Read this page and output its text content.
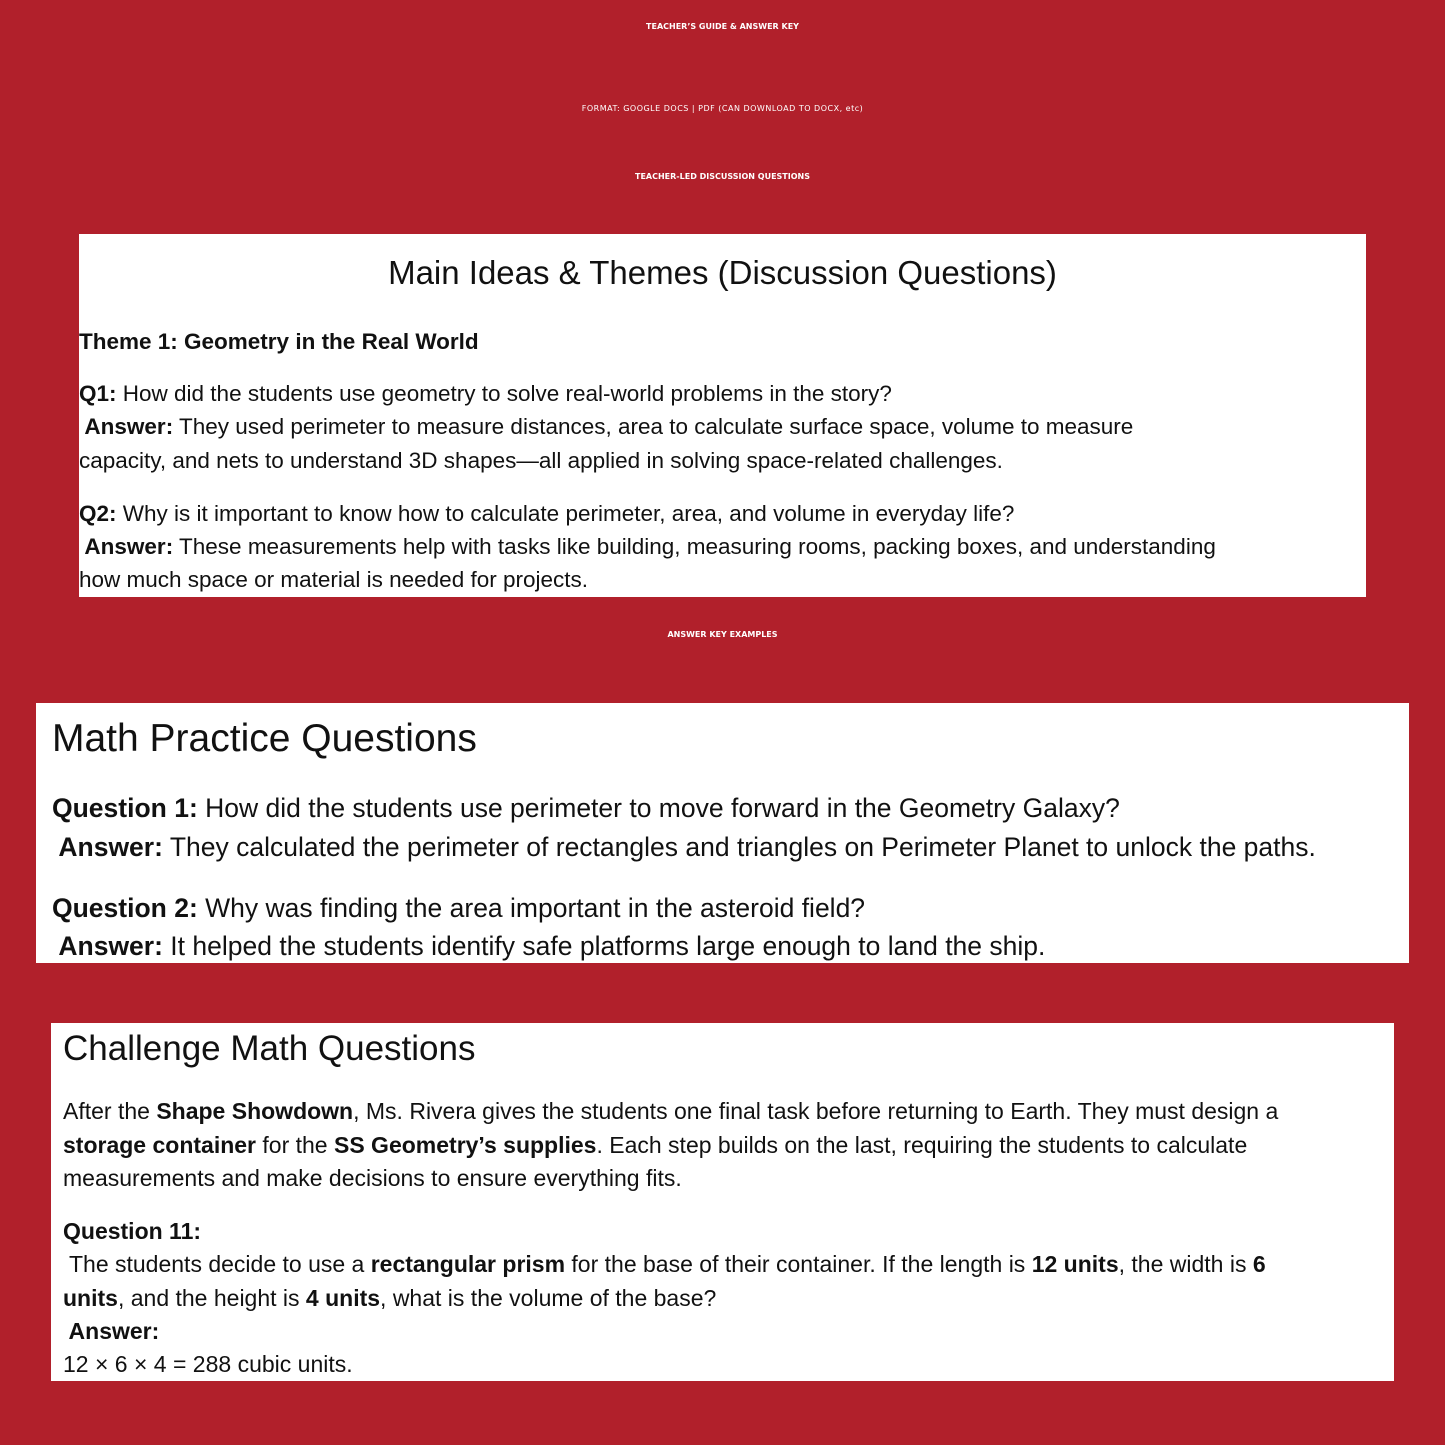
TEACHER’S GUIDE & ANSWER KEY
FORMAT: GOOGLE DOCS | PDF (CAN DOWNLOAD TO DOCX, etc)
TEACHER-LED DISCUSSION QUESTIONS
Main Ideas & Themes (Discussion Questions)
Theme 1: Geometry in the Real World
Q1: How did the students use geometry to solve real-world problems in the story?
Answer: They used perimeter to measure distances, area to calculate surface space, volume to measure
capacity, and nets to understand 3D shapes—all applied in solving space-related challenges.
Q2: Why is it important to know how to calculate perimeter, area, and volume in everyday life?
Answer: These measurements help with tasks like building, measuring rooms, packing boxes, and understanding
how much space or material is needed for projects.
ANSWER KEY EXAMPLES
Math Practice Questions
Question 1: How did the students use perimeter to move forward in the Geometry Galaxy?
Answer: They calculated the perimeter of rectangles and triangles on Perimeter Planet to unlock the paths.
Question 2: Why was finding the area important in the asteroid field?
Answer: It helped the students identify safe platforms large enough to land the ship.
Challenge Math Questions
After the Shape Showdown, Ms. Rivera gives the students one final task before returning to Earth. They must design a
storage container for the SS Geometry’s supplies. Each step builds on the last, requiring the students to calculate
measurements and make decisions to ensure everything fits.
Question 11:
The students decide to use a rectangular prism for the base of their container. If the length is 12 units, the width is 6
units, and the height is 4 units, what is the volume of the base?
Answer:
12 × 6 × 4 = 288 cubic units.
